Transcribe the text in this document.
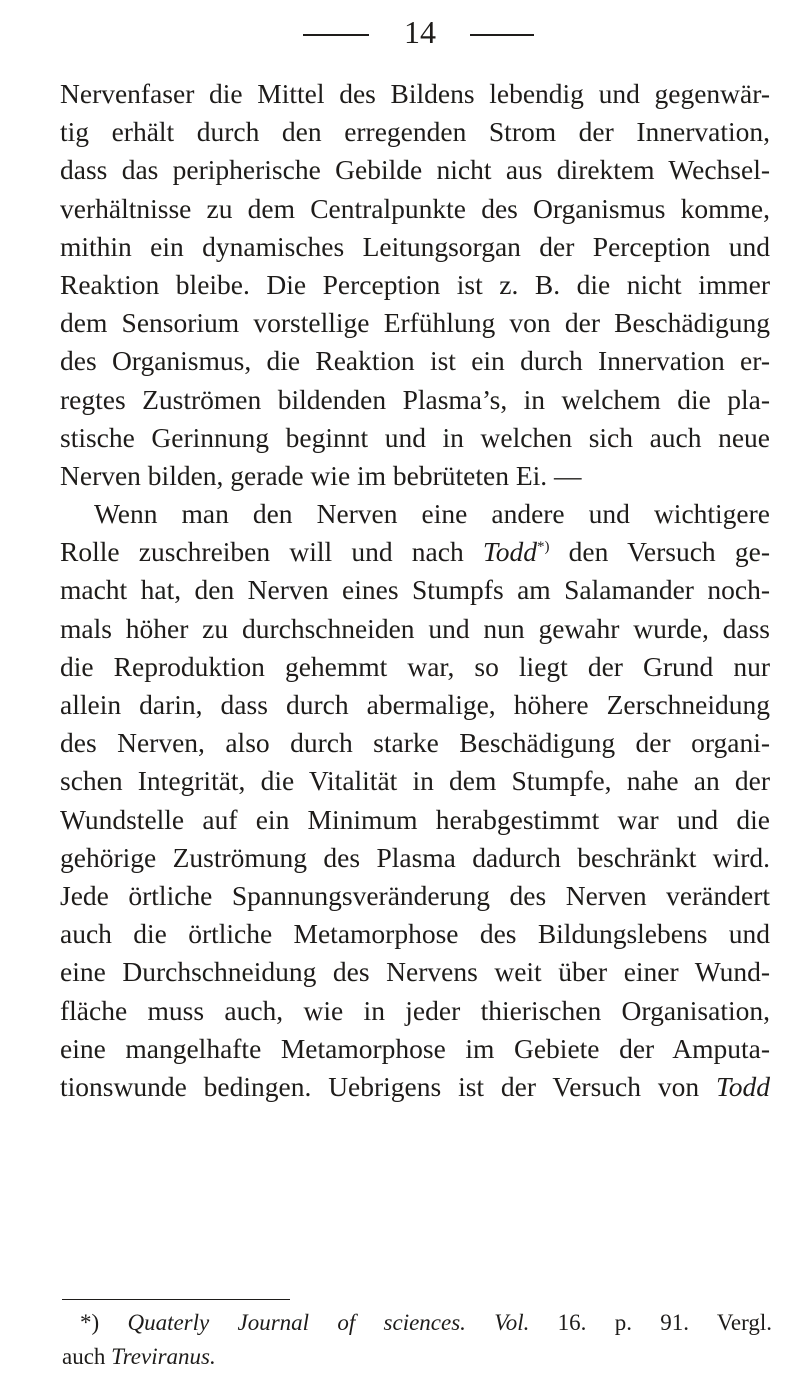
14
Nervenfaser die Mittel des Bildens lebendig und gegenwär-
tig erhält durch den erregenden Strom der Innervation,
dass das peripherische Gebilde nicht aus direktem Wechsel-
verhältnisse zu dem Centralpunkte des Organismus komme,
mithin ein dynamisches Leitungsorgan der Perception und
Reaktion bleibe. Die Perception ist z. B. die nicht immer
dem Sensorium vorstellige Erfühlung von der Beschädigung
des Organismus, die Reaktion ist ein durch Innervation er-
regtes Zuströmen bildenden Plasma’s, in welchem die pla-
stische Gerinnung beginnt und in welchen sich auch neue
Nerven bilden, gerade wie im bebrüteten Ei. —
Wenn man den Nerven eine andere und wichtigere
Rolle zuschreiben will und nach Todd*) den Versuch ge-
macht hat, den Nerven eines Stumpfs am Salamander noch-
mals höher zu durchschneiden und nun gewahr wurde, dass
die Reproduktion gehemmt war, so liegt der Grund nur
allein darin, dass durch abermalige, höhere Zerschneidung
des Nerven, also durch starke Beschädigung der organi-
schen Integrität, die Vitalität in dem Stumpfe, nahe an der
Wundstelle auf ein Minimum herabgestimmt war und die
gehörige Zuströmung des Plasma dadurch beschränkt wird.
Jede örtliche Spannungsveränderung des Nerven verändert
auch die örtliche Metamorphose des Bildungslebens und
eine Durchschneidung des Nervens weit über einer Wund-
fläche muss auch, wie in jeder thierischen Organisation,
eine mangelhafte Metamorphose im Gebiete der Amputa-
tionswunde bedingen. Uebrigens ist der Versuch von Todd
*) Quaterly Journal of sciences. Vol. 16. p. 91. Vergl.
auch Treviranus.
